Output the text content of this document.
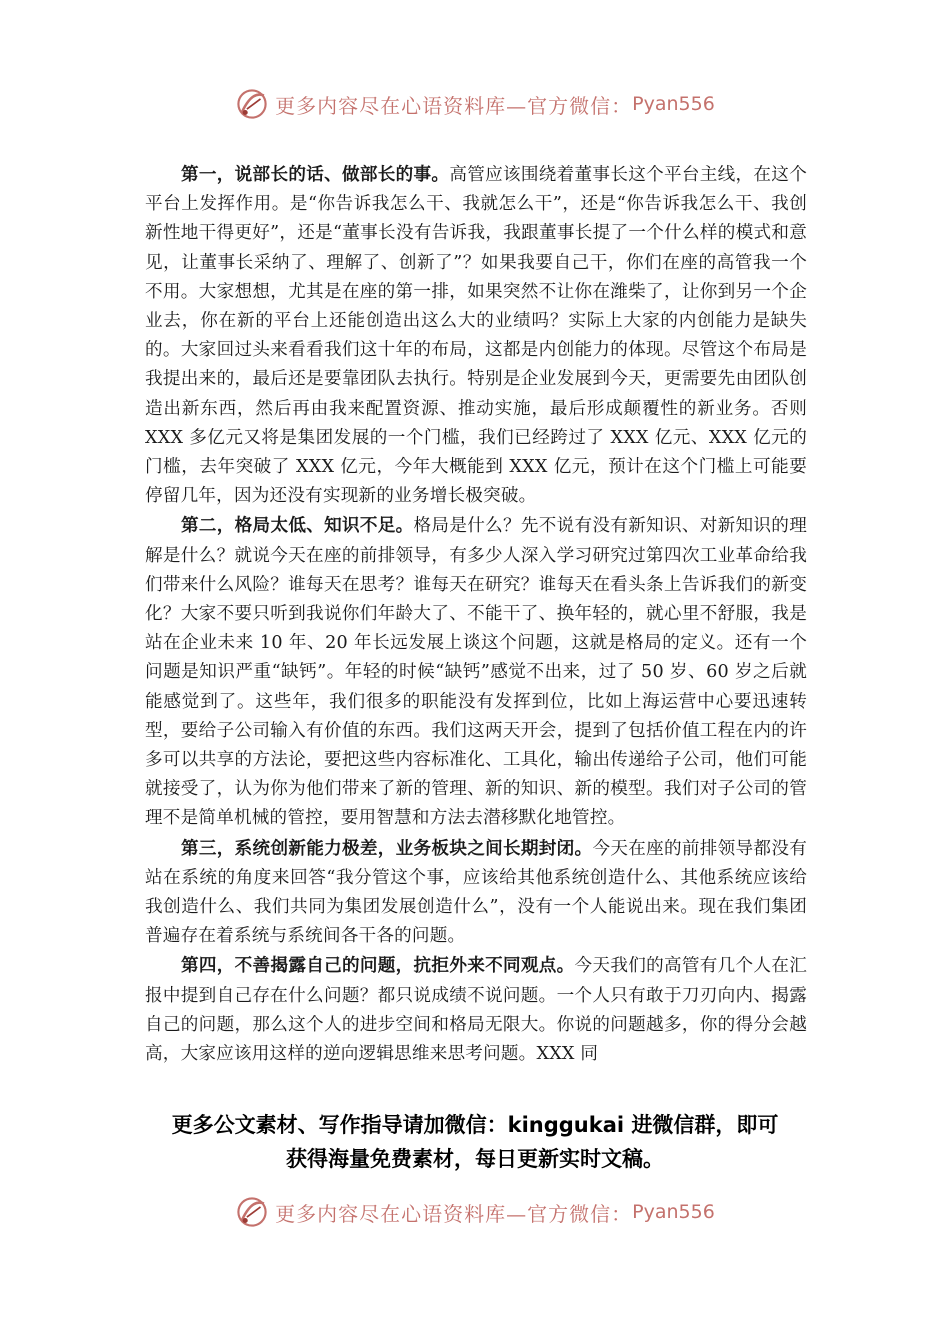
更多内容尽在心语资料库—官方微信： Pyan556

第一，说部长的话、做部长的事。高管应该围绕着董事长这个平台主线，在这个平台上发挥作用。是“你告诉我怎么干、我就怎么干”，还是“你告诉我怎么干、我创新性地干得更好”，还是“董事长没有告诉我，我跟董事长提了一个什么样的模式和意见，让董事长采纳了、理解了、创新了”？如果我要自己干，你们在座的高管我一个不用。大家想想，尤其是在座的第一排，如果突然不让你在潍柴了，让你到另一个企业去，你在新的平台上还能创造出这么大的业绩吗？实际上大家的内创能力是缺失的。大家回过头来看看我们这十年的布局，这都是内创能力的体现。尽管这个布局是我提出来的，最后还是要靠团队去执行。特别是企业发展到今天，更需要先由团队创造出新东西，然后再由我来配置资源、推动实施，最后形成颠覆性的新业务。否则 XXX 多亿元又将是集团发展的一个门槛，我们已经跨过了 XXX 亿元、XXX 亿元的门槛，去年突破了 XXX 亿元，今年大概能到 XXX 亿元，预计在这个门槛上可能要停留几年，因为还没有实现新的业务增长极突破。

第二，格局太低、知识不足。格局是什么？先不说有没有新知识、对新知识的理解是什么？就说今天在座的前排领导，有多少人深入学习研究过第四次工业革命给我们带来什么风险？谁每天在思考？谁每天在研究？谁每天在看头条上告诉我们的新变化？大家不要只听到我说你们年龄大了、不能干了、换年轻的，就心里不舒服，我是站在企业未来 10 年、20 年长远发展上谈这个问题，这就是格局的定义。还有一个问题是知识严重“缺钙”。年轻的时候“缺钙”感觉不出来，过了 50 岁、60 岁之后就能感觉到了。这些年，我们很多的职能没有发挥到位，比如上海运营中心要迅速转型，要给子公司输入有价值的东西。我们这两天开会，提到了包括价值工程在内的许多可以共享的方法论，要把这些内容标准化、工具化，输出传递给子公司，他们可能就接受了，认为你为他们带来了新的管理、新的知识、新的模型。我们对子公司的管理不是简单机械的管控，要用智慧和方法去潜移默化地管控。

第三，系统创新能力极差，业务板块之间长期封闭。今天在座的前排领导都没有站在系统的角度来回答“我分管这个事，应该给其他系统创造什么、其他系统应该给我创造什么、我们共同为集团发展创造什么”，没有一个人能说出来。现在我们集团普遍存在着系统与系统间各干各的问题。

第四，不善揭露自己的问题，抗拒外来不同观点。今天我们的高管有几个人在汇报中提到自己存在什么问题？都只说成绩不说问题。一个人只有敢于刀刃向内、揭露自己的问题，那么这个人的进步空间和格局无限大。你说的问题越多，你的得分会越高，大家应该用这样的逆向逻辑思维来思考问题。XXX 同

更多公文素材、写作指导请加微信：kinggukai 进微信群，即可
获得海量免费素材，每日更新实时文稿。
更多内容尽在心语资料库—官方微信： Pyan556
